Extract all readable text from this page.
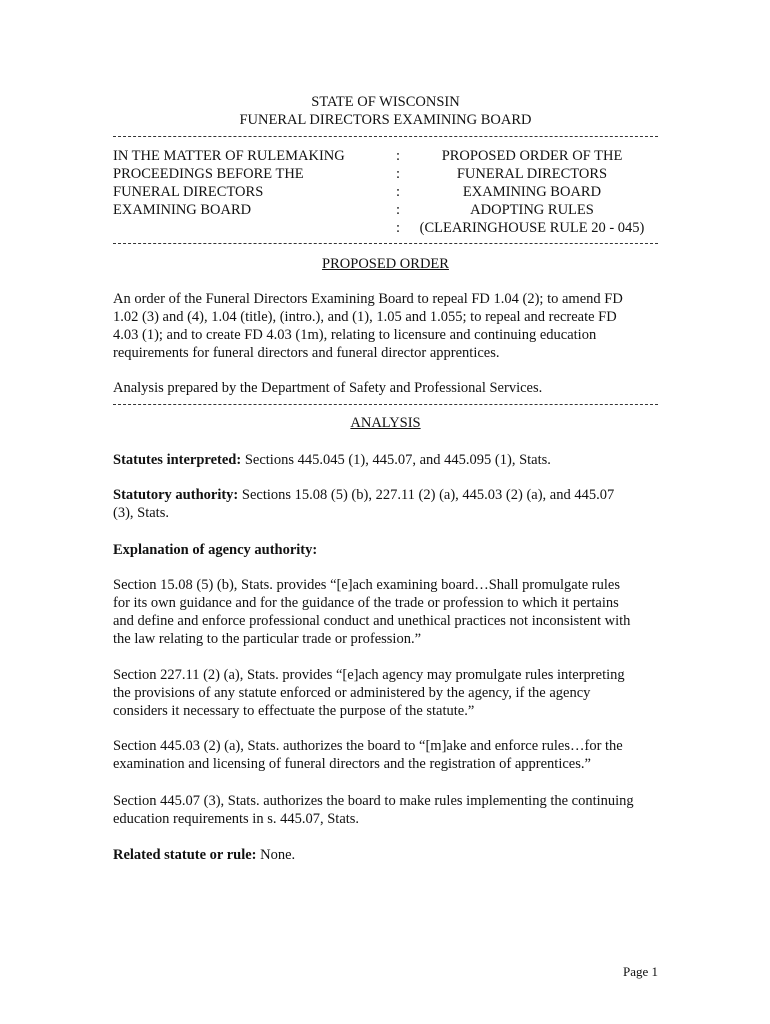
STATE OF WISCONSIN
FUNERAL DIRECTORS EXAMINING BOARD
IN THE MATTER OF RULEMAKING
PROCEEDINGS BEFORE THE
FUNERAL DIRECTORS
EXAMINING BOARD
:
:
:
:
:
PROPOSED ORDER OF THE
FUNERAL DIRECTORS
EXAMINING BOARD
ADOPTING RULES
(CLEARINGHOUSE RULE 20 - 045)
PROPOSED ORDER
An order of the Funeral Directors Examining Board to repeal FD 1.04 (2); to amend FD
1.02 (3) and (4), 1.04 (title), (intro.), and (1), 1.05 and 1.055; to repeal and recreate FD
4.03 (1); and to create FD 4.03 (1m), relating to licensure and continuing education
requirements for funeral directors and funeral director apprentices.
Analysis prepared by the Department of Safety and Professional Services.
ANALYSIS
Statutes interpreted: Sections 445.045 (1), 445.07, and 445.095 (1), Stats.
Statutory authority: Sections 15.08 (5) (b), 227.11 (2) (a), 445.03 (2) (a), and 445.07
(3), Stats.
Explanation of agency authority:
Section 15.08 (5) (b), Stats. provides “[e]ach examining board…Shall promulgate rules
for its own guidance and for the guidance of the trade or profession to which it pertains
and define and enforce professional conduct and unethical practices not inconsistent with
the law relating to the particular trade or profession.”
Section 227.11 (2) (a), Stats. provides “[e]ach agency may promulgate rules interpreting
the provisions of any statute enforced or administered by the agency, if the agency
considers it necessary to effectuate the purpose of the statute.”
Section 445.03 (2) (a), Stats. authorizes the board to “[m]ake and enforce rules…for the
examination and licensing of funeral directors and the registration of apprentices.”
Section 445.07 (3), Stats. authorizes the board to make rules implementing the continuing
education requirements in s. 445.07, Stats.
Related statute or rule: None.
Page 1
